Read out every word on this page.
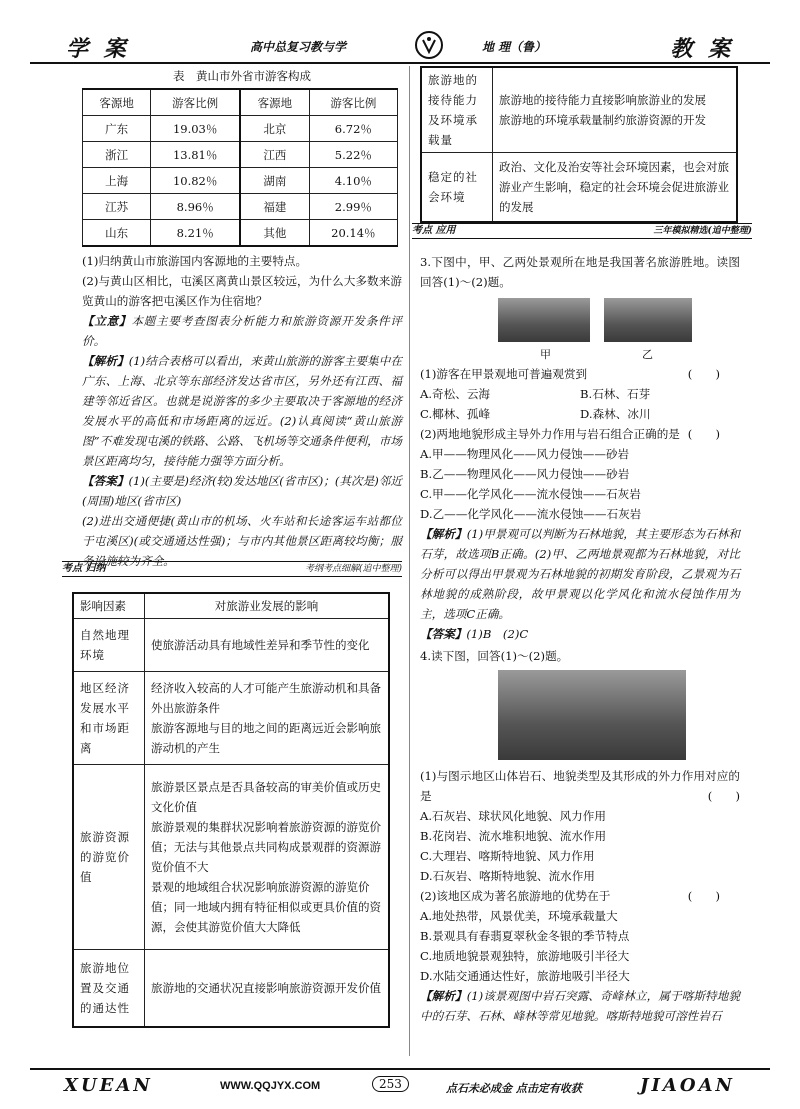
学 案	高中总复习教与学	地 理（鲁）	教 案
表　黄山市外省市游客构成
客源地	游客比例	客源地	游客比例
广东	19.03％	北京	6.72％
浙江	13.81％	江西	5.22％
上海	10.82％	湖南	4.10％
江苏	8.96％	福建	2.99％
山东	8.21％	其他	20.14％

(1)归纳黄山市旅游国内客源地的主要特点。

(2)与黄山区相比，屯溪区离黄山景区较远，为什么大多数来游览黄山的游客把屯溪区作为住宿地？

【立意】本题主要考查图表分析能力和旅游资源开发条件评价。

【解析】(1)结合表格可以看出，来黄山旅游的游客主要集中在广东、上海、北京等东部经济发达省市区，另外还有江西、福建等邻近省区。也就是说游客的多少主要取决于客源地的经济发展水平的高低和市场距离的远近。(2)认真阅读“黄山旅游图”不难发现屯溪的铁路、公路、飞机场等交通条件便利，市场景区距离均匀，接待能力强等方面分析。

【答案】(1)(主要是)经济(较)发达地区(省市区)；(其次是)邻近(周围)地区(省市区)

(2)进出交通便捷(黄山市的机场、火车站和长途客运车站都位于屯溪区)(或交通通达性强)；与市内其他景区距离较均衡；服务设施较为齐全。

考点 归纳	考纲考点细解(追中整理)
影响因素	对旅游业发展的影响
自然地理环境	使旅游活动具有地域性差异和季节性的变化
地区经济发展水平和市场距离	经济收入较高的人才可能产生旅游动机和具备外出旅游条件
旅游客源地与目的地之间的距离远近会影响旅游动机的产生
旅游资源的游览价值	旅游景区景点是否具备较高的审美价值或历史文化价值
旅游景观的集群状况影响着旅游资源的游览价值；无法与其他景点共同构成景观群的资源游览价值不大
景观的地域组合状况影响旅游资源的游览价值；同一地域内拥有特征相似或更具价值的资源，会使其游览价值大大降低
旅游地位置及交通的通达性	旅游地的交通状况直接影响旅游资源开发价值
旅游地的接待能力及环境承载量	旅游地的接待能力直接影响旅游业的发展
旅游地的环境承载量制约旅游资源的开发
稳定的社会环境	政治、文化及治安等社会环境因素，也会对旅游业产生影响，稳定的社会环境会促进旅游业的发展
考点 应用	三年模拟精选(追中整理)

3.下图中，甲、乙两处景观所在地是我国著名旅游胜地。读图回答(1)～(2)题。

甲	乙

(1)游客在甲景观地可普遍观赏到	(　　)

A.奇松、云海	B.石林、石芽
C.椰林、孤峰	D.森林、冰川

(2)两地地貌形成主导外力作用与岩石组合正确的是 (　　)

A.甲——物理风化——风力侵蚀——砂岩

B.乙——物理风化——风力侵蚀——砂岩

C.甲——化学风化——流水侵蚀——石灰岩

D.乙——化学风化——流水侵蚀——石灰岩

【解析】(1)甲景观可以判断为石林地貌，其主要形态为石林和石芽，故选项B正确。(2)甲、乙两地景观都为石林地貌，对比分析可以得出甲景观为石林地貌的初期发育阶段，乙景观为石林地貌的成熟阶段，故甲景观以化学风化和流水侵蚀作用为主，选项C正确。

【答案】(1)B　(2)C

4.读下图，回答(1)～(2)题。

(1)与图示地区山体岩石、地貌类型及其形成的外力作用对应的是	(　　)

A.石灰岩、球状风化地貌、风力作用

B.花岗岩、流水堆积地貌、流水作用

C.大理岩、喀斯特地貌、风力作用

D.石灰岩、喀斯特地貌、流水作用

(2)该地区成为著名旅游地的优势在于	(　　)

A.地处热带，风景优美，环境承载量大

B.景观具有春翡夏翠秋金冬银的季节特点

C.地质地貌景观独特，旅游地吸引半径大

D.水陆交通通达性好，旅游地吸引半径大

【解析】(1)该景观图中岩石突露、奇峰林立，属于喀斯特地貌中的石芽、石林、峰林等常见地貌。喀斯特地貌可溶性岩石

XUEAN	WWW.QQJYX.COM	253	点石未必成金 点击定有收获	JIAOAN
